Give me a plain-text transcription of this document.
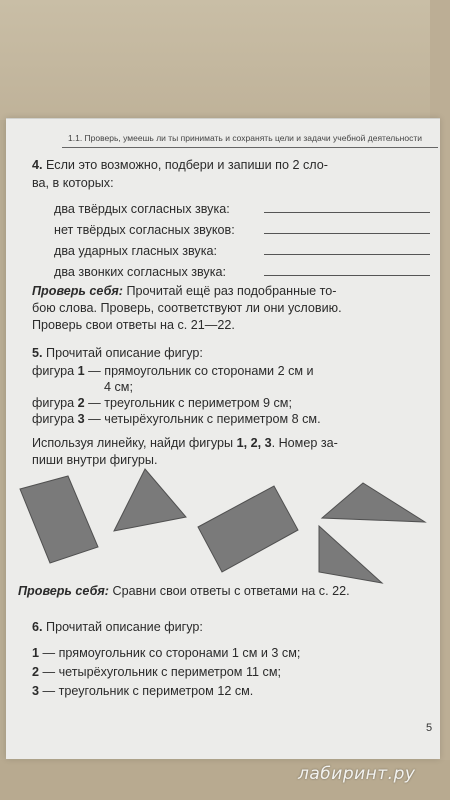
1.1. Проверь, умеешь ли ты принимать и сохранять цели и задачи учебной деятельности
4. Если это возможно, подбери и запиши по 2 сло-
ва, в которых:
два твёрдых согласных звука:
нет твёрдых согласных звуков:
два ударных гласных звука:
два звонких согласных звука:
Проверь себя: Прочитай ещё раз подобранные то-
бою слова. Проверь, соответствуют ли они условию.
Проверь свои ответы на с. 21—22.
5. Прочитай описание фигур:
фигура 1 — прямоугольник со сторонами 2 см и
4 см;
фигура 2 — треугольник с периметром 9 см;
фигура 3 — четырёхугольник с периметром 8 см.
Используя линейку, найди фигуры 1, 2, 3. Номер за-
пиши внутри фигуры.
Проверь себя: Сравни свои ответы с ответами на с. 22.
6. Прочитай описание фигур:
1 — прямоугольник со сторонами 1 см и 3 см;
2 — четырёхугольник с периметром 11 см;
3 — треугольник с периметром 12 см.
5
лабиринт.ру
